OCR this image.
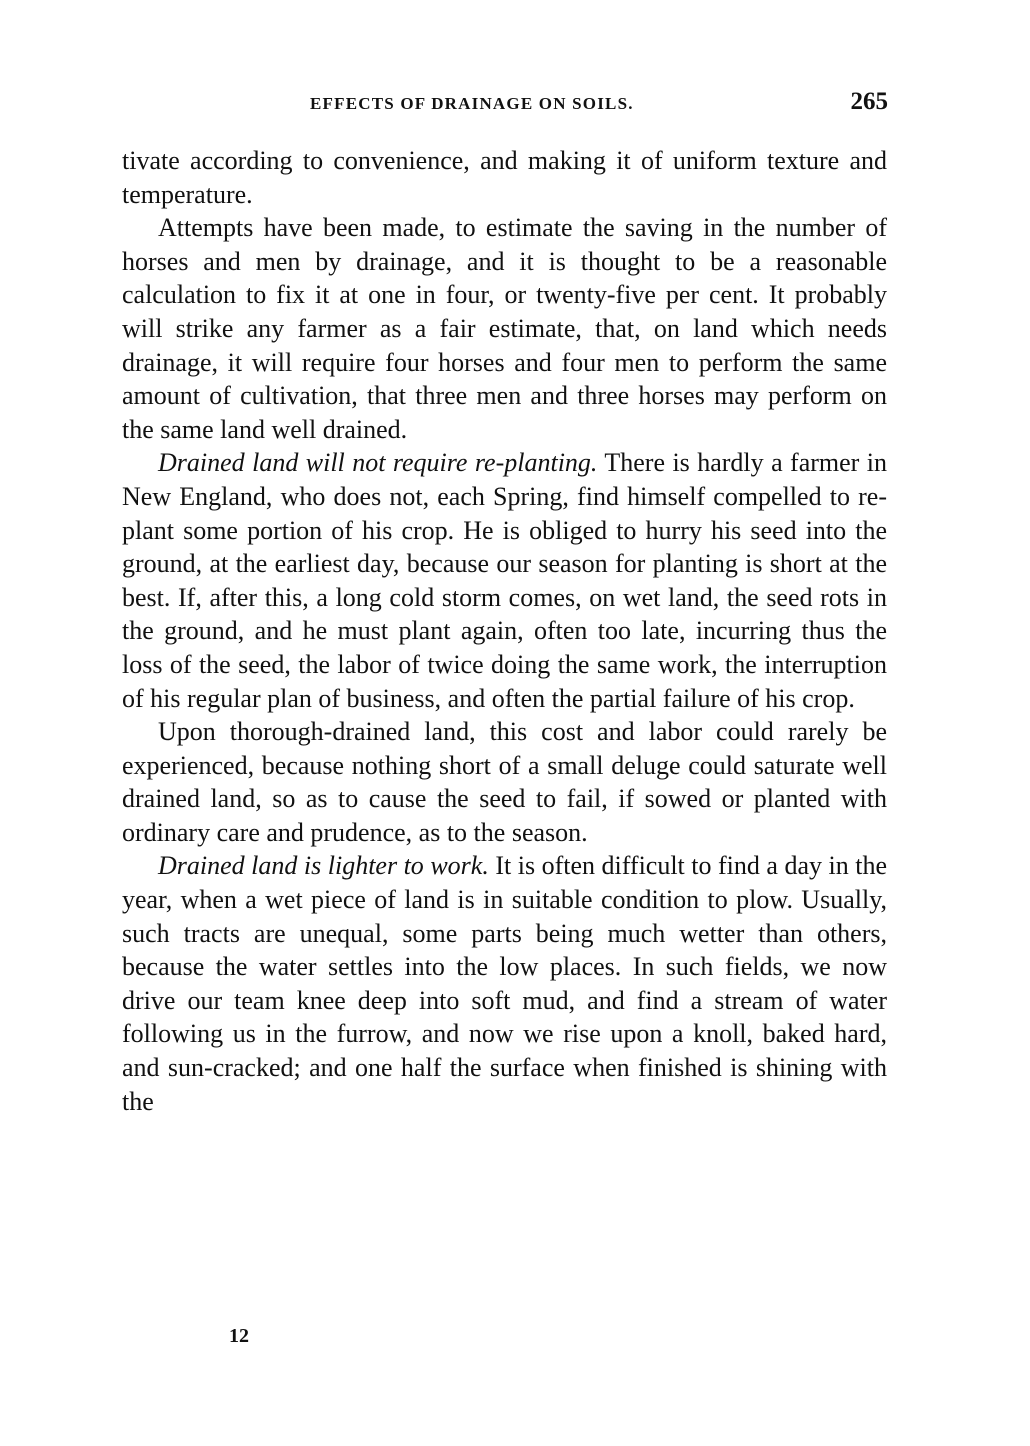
EFFECTS OF DRAINAGE ON SOILS.	265

tivate according to convenience, and making it of uniform texture and temperature.

Attempts have been made, to estimate the saving in the number of horses and men by drainage, and it is thought to be a reasonable calculation to fix it at one in four, or twenty-five per cent. It probably will strike any farmer as a fair estimate, that, on land which needs drainage, it will require four horses and four men to perform the same amount of cultivation, that three men and three horses may perform on the same land well drained.

Drained land will not require re-planting. There is hardly a farmer in New England, who does not, each Spring, find himself compelled to re-plant some portion of his crop. He is obliged to hurry his seed into the ground, at the earliest day, because our season for planting is short at the best. If, after this, a long cold storm comes, on wet land, the seed rots in the ground, and he must plant again, often too late, incurring thus the loss of the seed, the labor of twice doing the same work, the interruption of his regular plan of business, and often the partial failure of his crop.

Upon thorough-drained land, this cost and labor could rarely be experienced, because nothing short of a small deluge could saturate well drained land, so as to cause the seed to fail, if sowed or planted with ordinary care and prudence, as to the season.

Drained land is lighter to work. It is often difficult to find a day in the year, when a wet piece of land is in suitable condition to plow. Usually, such tracts are unequal, some parts being much wetter than others, because the water settles into the low places. In such fields, we now drive our team knee deep into soft mud, and find a stream of water following us in the furrow, and now we rise upon a knoll, baked hard, and sun-cracked; and one half the surface when finished is shining with the

12
